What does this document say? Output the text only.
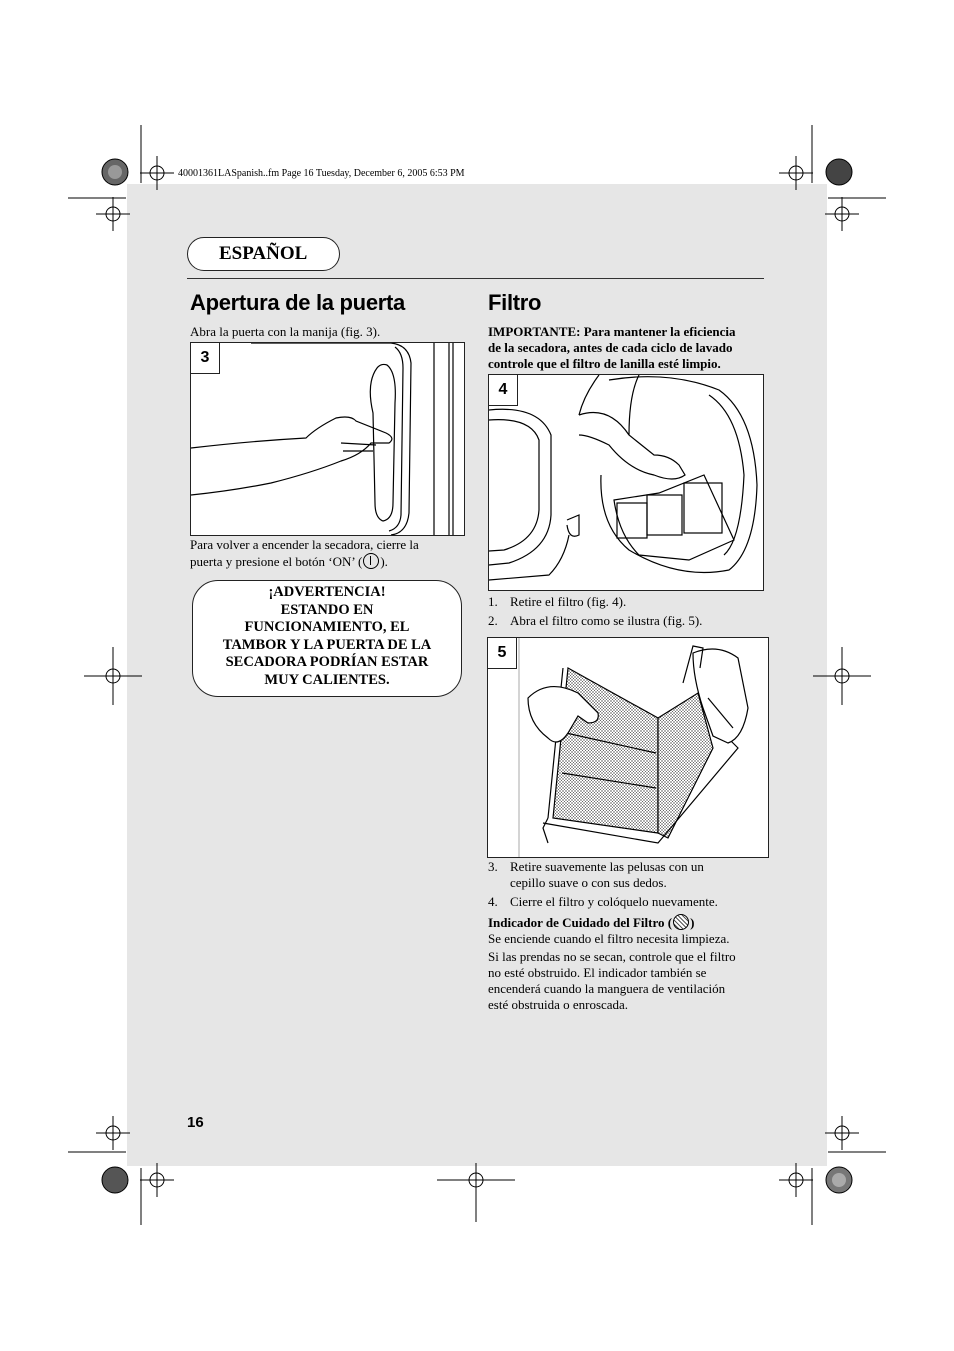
40001361LASpanish..fm Page 16 Tuesday, December 6, 2005 6:53 PM
ESPAÑOL
Apertura de la puerta
Abra la puerta con la manija (fig. 3).
3
Para volver a encender la secadora, cierre la
puerta y presione el botón ‘ON’ ( ).
¡ADVERTENCIA!
ESTANDO EN
FUNCIONAMIENTO, EL
TAMBOR Y LA PUERTA DE LA
SECADORA PODRÍAN ESTAR
MUY CALIENTES.
Filtro
IMPORTANTE: Para mantener la eficiencia
de la secadora, antes de cada ciclo de lavado
controle que el filtro de lanilla esté limpio.
4
1. Retire el filtro (fig. 4).
2. Abra el filtro como se ilustra (fig. 5).
5
3. Retire suavemente las pelusas con un cepillo suave o con sus dedos.
4. Cierre el filtro y colóquelo nuevamente.
Indicador de Cuidado del Filtro ( )
Se enciende cuando el filtro necesita limpieza.
Si las prendas no se secan, controle que el filtro
no esté obstruido. El indicador también se
encenderá cuando la manguera de ventilación
esté obstruida o enroscada.
16
